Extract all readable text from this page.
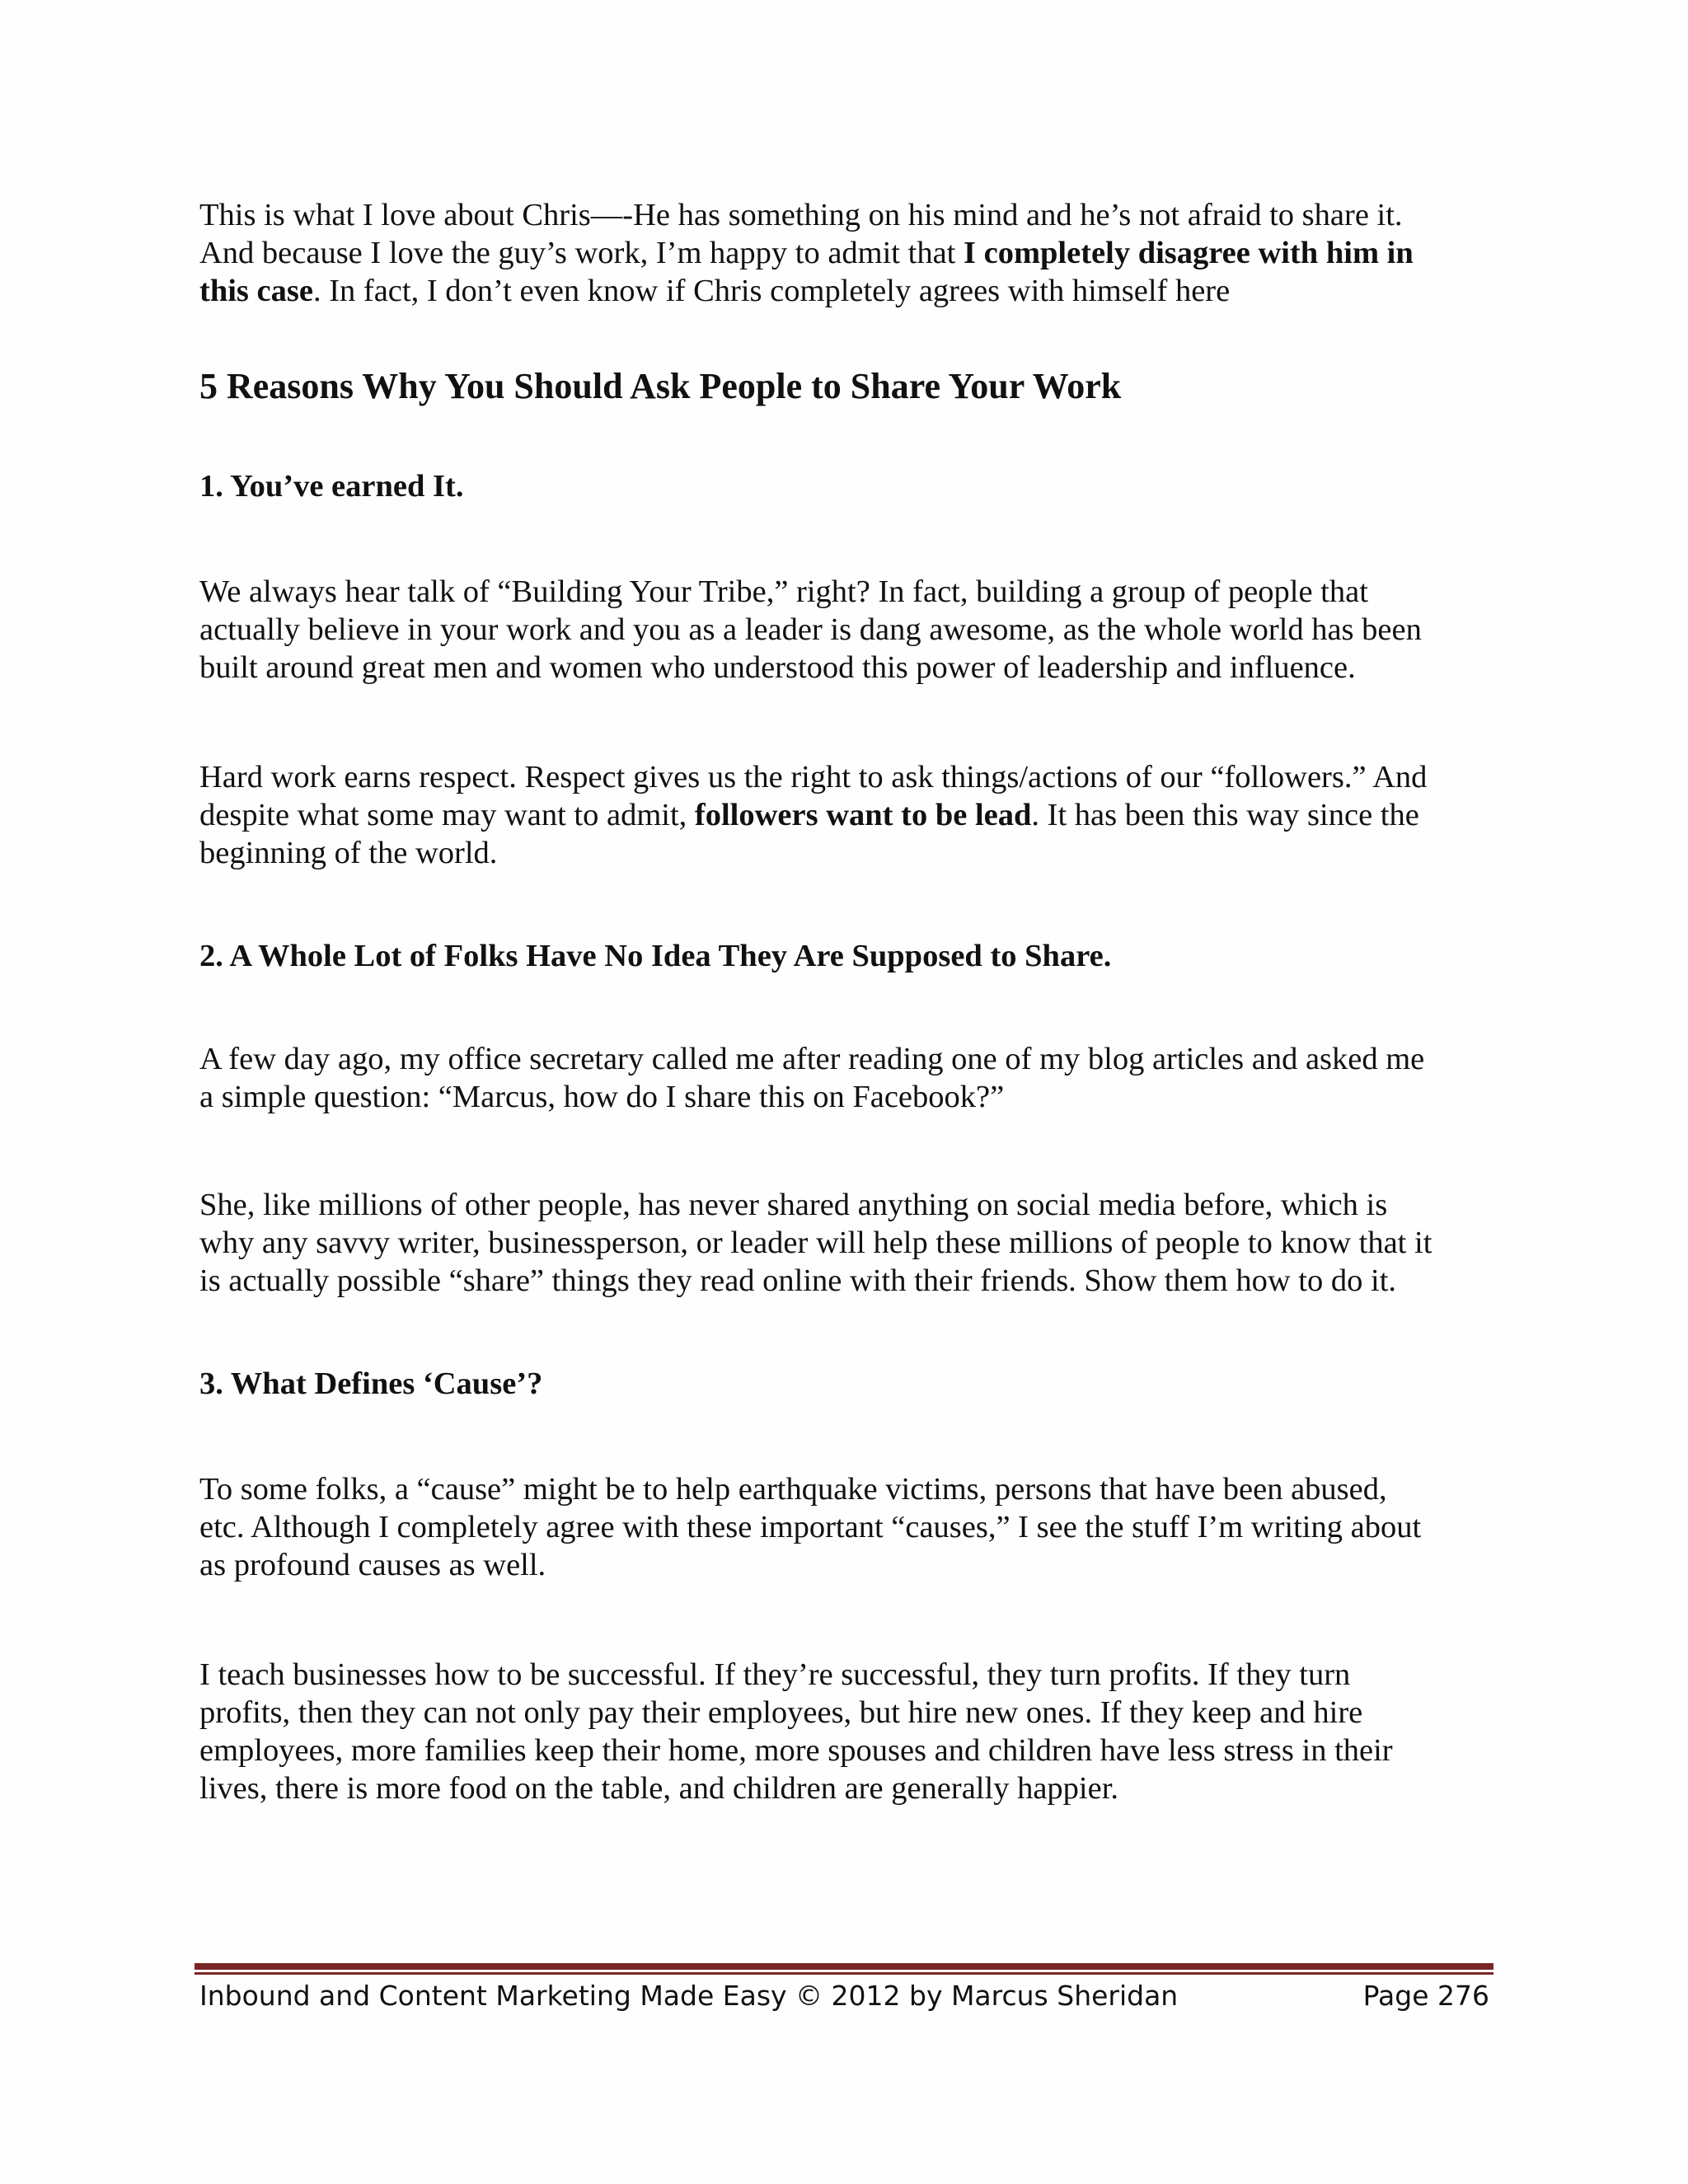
This is what I love about Chris—-He has something on his mind and he’s not afraid to share it.
And because I love the guy’s work, I’m happy to admit that I completely disagree with him in
this case. In fact, I don’t even know if Chris completely agrees with himself here

5 Reasons Why You Should Ask People to Share Your Work
1. You’ve earned It.

We always hear talk of “Building Your Tribe,” right? In fact, building a group of people that
actually believe in your work and you as a leader is dang awesome, as the whole world has been
built around great men and women who understood this power of leadership and influence.

Hard work earns respect. Respect gives us the right to ask things/actions of our “followers.” And
despite what some may want to admit, followers want to be lead. It has been this way since the
beginning of the world.

2. A Whole Lot of Folks Have No Idea They Are Supposed to Share.

A few day ago, my office secretary called me after reading one of my blog articles and asked me
a simple question: “Marcus, how do I share this on Facebook?”

She, like millions of other people, has never shared anything on social media before, which is
why any savvy writer, businessperson, or leader will help these millions of people to know that it
is actually possible “share” things they read online with their friends. Show them how to do it.

3. What Defines ‘Cause’?

To some folks, a “cause” might be to help earthquake victims, persons that have been abused,
etc. Although I completely agree with these important “causes,” I see the stuff I’m writing about
as profound causes as well.

I teach businesses how to be successful. If they’re successful, they turn profits. If they turn
profits, then they can not only pay their employees, but hire new ones. If they keep and hire
employees, more families keep their home, more spouses and children have less stress in their
lives, there is more food on the table, and children are generally happier.

Inbound and Content Marketing Made Easy © 2012 by Marcus Sheridan	Page 276
